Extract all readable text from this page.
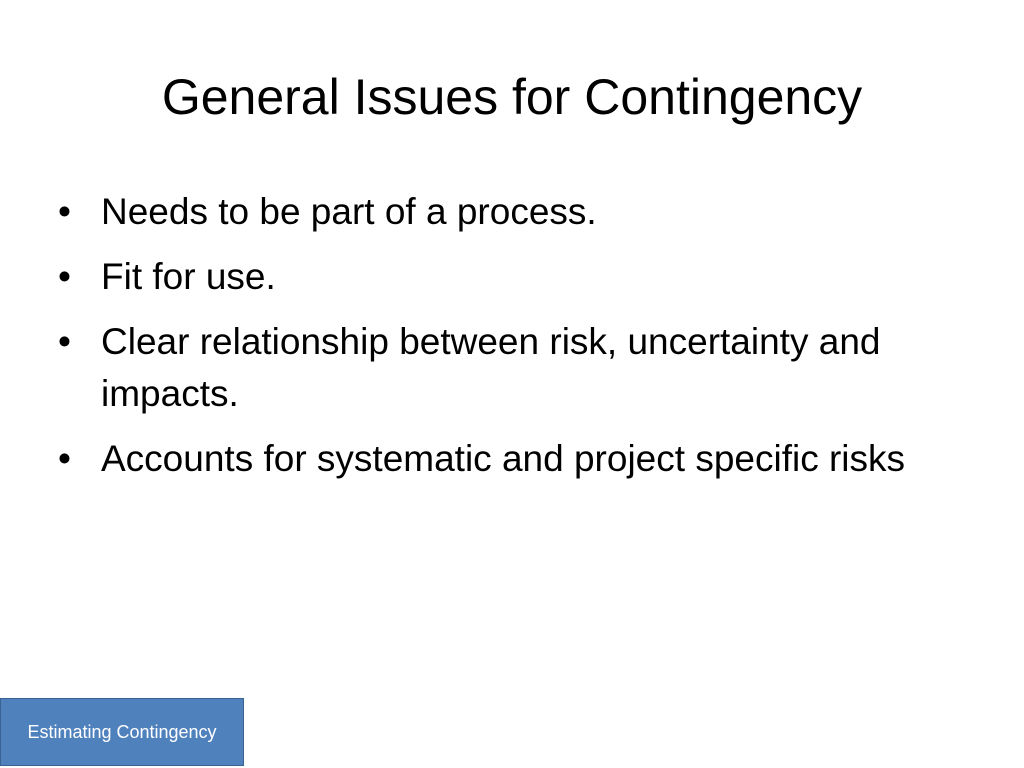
General Issues for Contingency
• Needs to be part of a process.
• Fit for use.
• Clear relationship between risk, uncertainty and impacts.
• Accounts for systematic and project specific risks
Estimating Contingency
